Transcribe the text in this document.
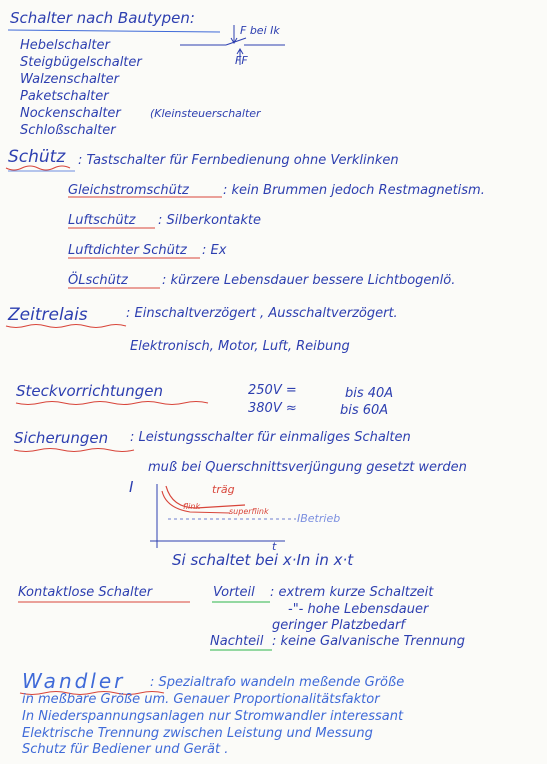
Schalter nach Bautypen:
F bei Ik
FF
Hebelschalter
Steigbügelschalter
Walzenschalter
Paketschalter
Nockenschalter	(Kleinsteuerschalter
Schloßschalter
Schütz : Tastschalter für Fernbedienung ohne Verklinken
Gleichstromschütz	: kein Brummen jedoch Restmagnetism.
Luftschütz : Silberkontakte
Luftdichter Schütz : Ex
ÖLschütz	: kürzere Lebensdauer bessere Lichtbogenlö.
Zeitrelais	: Einschaltverzögert , Ausschaltverzögert.
Elektronisch, Motor, Luft, Reibung
Steckvorrichtungen	250V =	bis 40A
380V ≈	bis 60A
Sicherungen : Leistungsschalter für einmaliges Schalten
muß bei Querschnittsverjüngung gesetzt werden
I	träg
flink
superflink
IBetrieb
t
Si schaltet bei x·In in x·t
Kontaktlose Schalter	Vorteil : extrem kurze Schaltzeit
-"- hohe Lebensdauer
geringer Platzbedarf
Nachteil : keine Galvanische Trennung
Wandler : Spezialtrafo wandeln meßende Größe
in meßbare Größe um. Genauer Proportionalitätsfaktor
In Niederspannungsanlagen nur Stromwandler interessant
Elektrische Trennung zwischen Leistung und Messung
Schutz für Bediener und Gerät .
